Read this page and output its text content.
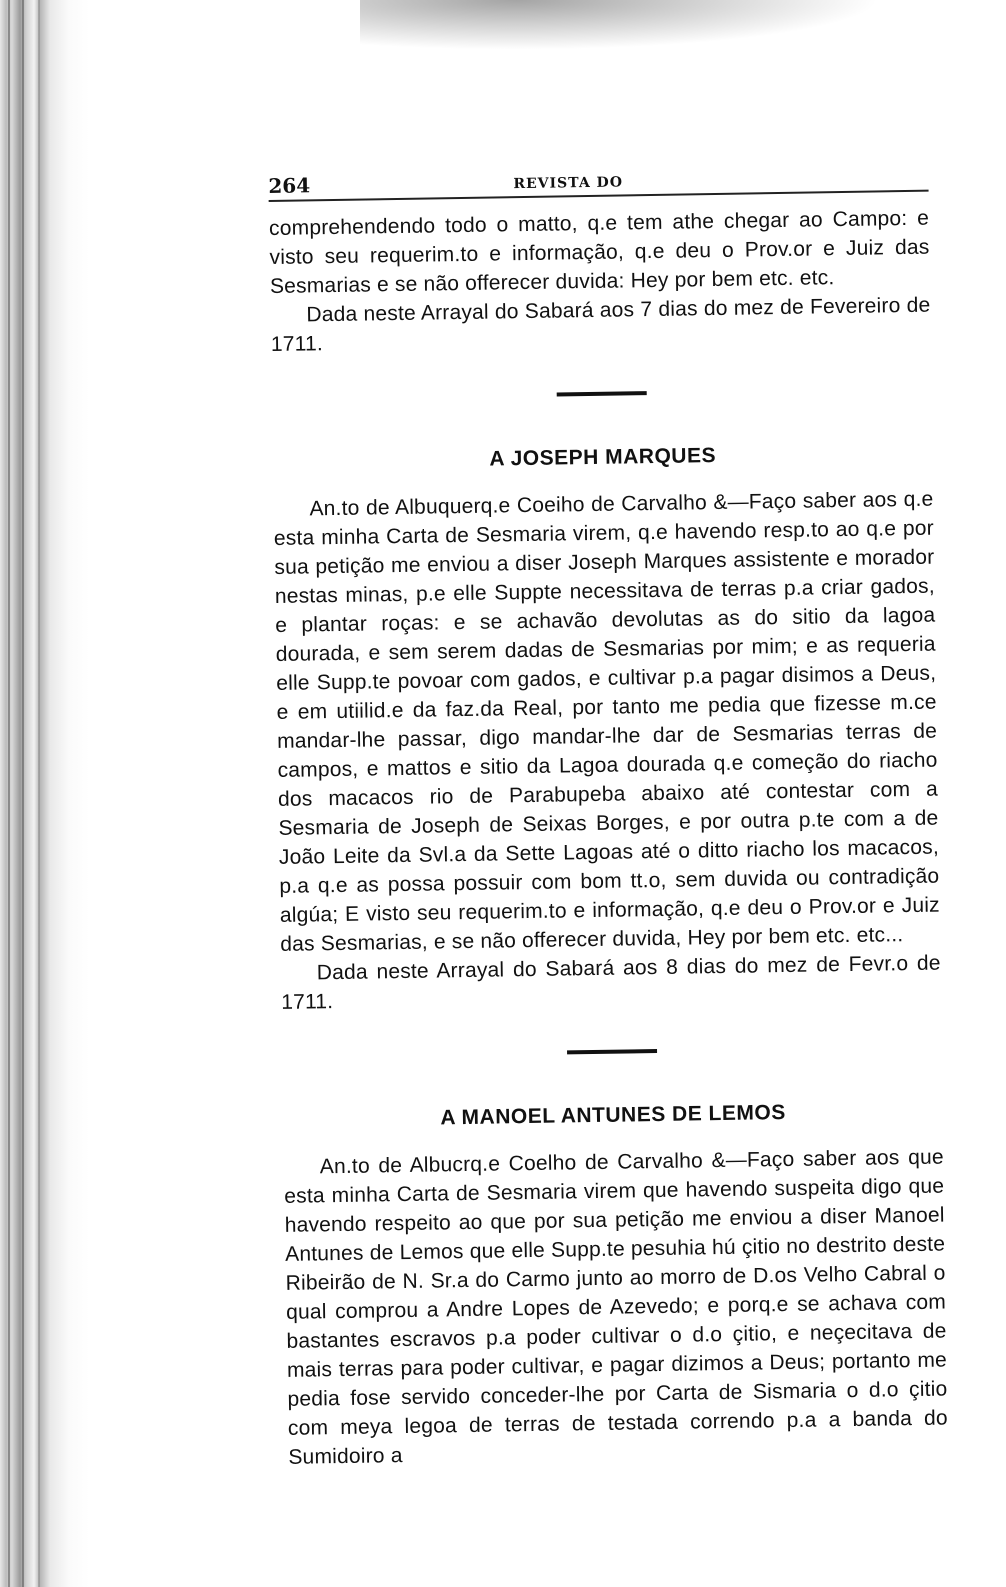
264	REVISTA DO

comprehendendo todo o matto, q.e tem athe chegar ao Campo: e visto seu requerim.to e informação, q.e deu o Prov.or e Juiz das Sesmarias e se não offerecer duvida: Hey por bem etc. etc.

Dada neste Arrayal do Sabará aos 7 dias do mez de Fevereiro de 1711.

A JOSEPH MARQUES

An.to de Albuquerq.e Coeiho de Carvalho &—Faço saber aos q.e esta minha Carta de Sesmaria virem, q.e havendo resp.to ao q.e por sua petição me enviou a diser Joseph Marques assistente e morador nestas minas, p.e elle Suppte necessitava de terras p.a criar gados, e plantar roças: e se achavão devolutas as do sitio da lagoa dourada, e sem serem dadas de Sesmarias por mim; e as requeria elle Supp.te povoar com gados, e cultivar p.a pagar disimos a Deus, e em utiilid.e da faz.da Real, por tanto me pedia que fizesse m.ce mandar-lhe passar, digo mandar-lhe dar de Sesmarias terras de campos, e mattos e sitio da Lagoa dourada q.e começão do riacho dos macacos rio de Parabupeba abaixo até contestar com a Sesmaria de Joseph de Seixas Borges, e por outra p.te com a de João Leite da Svl.a da Sette Lagoas até o ditto riacho los macacos, p.a q.e as possa possuir com bom tt.o, sem duvida ou contradição algúa; E visto seu requerim.to e informação, q.e deu o Prov.or e Juiz das Sesmarias, e se não offerecer duvida, Hey por bem etc. etc...

Dada neste Arrayal do Sabará aos 8 dias do mez de Fevr.o de 1711.

A MANOEL ANTUNES DE LEMOS

An.to de Albucrq.e Coelho de Carvalho &—Faço saber aos que esta minha Carta de Sesmaria virem que havendo suspeita digo que havendo respeito ao que por sua petição me enviou a diser Manoel Antunes de Lemos que elle Supp.te pesuhia hú çitio no destrito deste Ribeirão de N. Sr.a do Carmo junto ao morro de D.os Velho Cabral o qual comprou a Andre Lopes de Azevedo; e porq.e se achava com bastantes escravos p.a poder cultivar o d.o çitio, e neçecitava de mais terras para poder cultivar, e pagar dizimos a Deus; portanto me pedia fose servido conceder-lhe por Carta de Sismaria o d.o çitio com meya legoa de terras de testada correndo p.a a banda do Sumidoiro a
